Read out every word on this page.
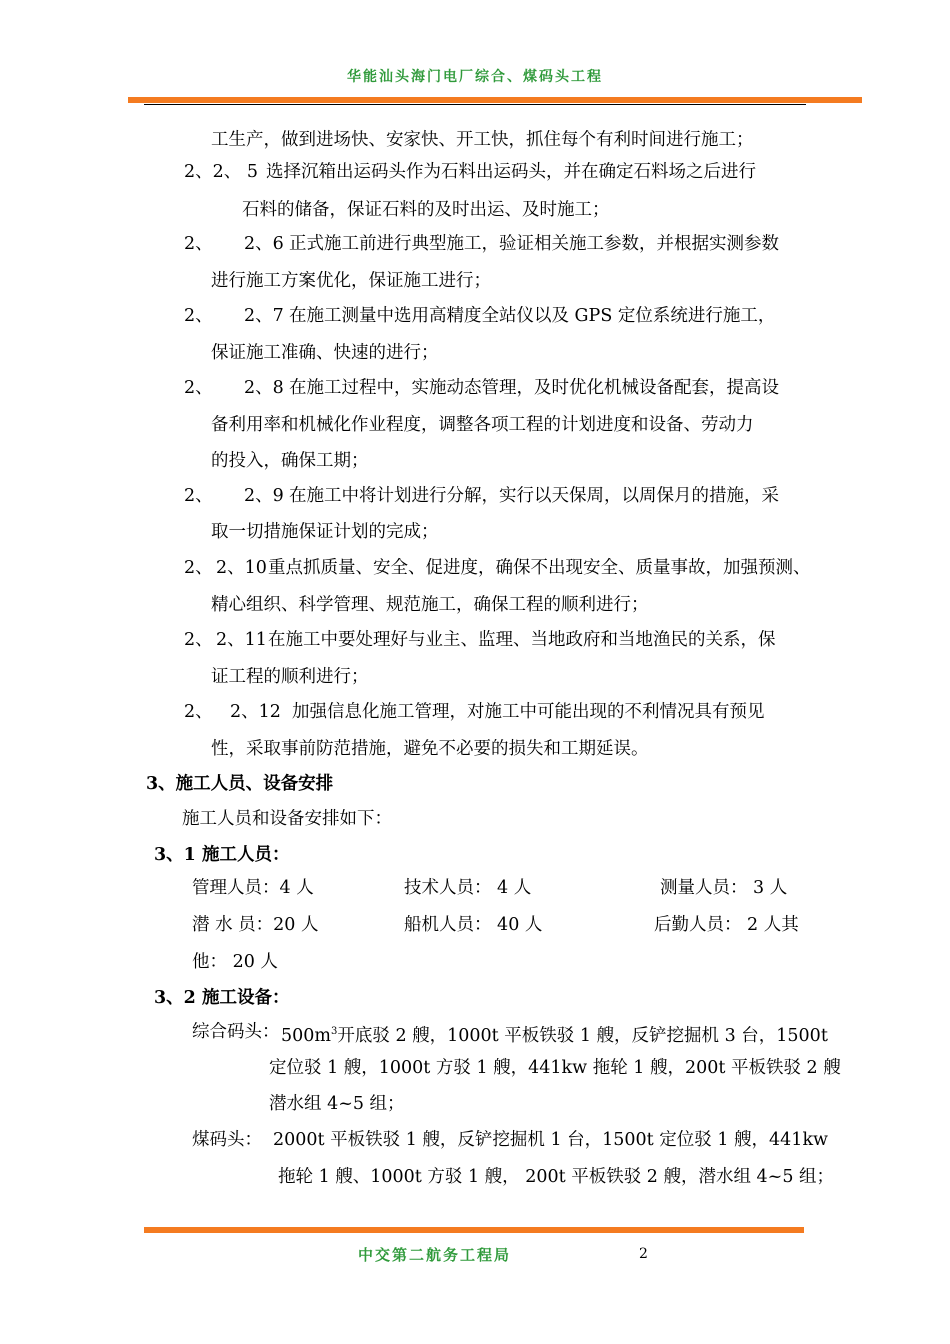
华能汕头海门电厂综合、煤码头工程
工生产，做到进场快、安家快、开工快，抓住每个有利时间进行施工；
2、2、 5 选择沉箱出运码头作为石料出运码头，并在确定石料场之后进行
石料的储备，保证石料的及时出运、及时施工；
2、 2、6 正式施工前进行典型施工，验证相关施工参数，并根据实测参数
进行施工方案优化，保证施工进行；
2、 2、7 在施工测量中选用高精度全站仪以及 GPS 定位系统进行施工，
保证施工准确、快速的进行；
2、 2、8 在施工过程中，实施动态管理，及时优化机械设备配套，提高设
备利用率和机械化作业程度，调整各项工程的计划进度和设备、劳动力
的投入，确保工期；
2、 2、9 在施工中将计划进行分解，实行以天保周，以周保月的措施，采
取一切措施保证计划的完成；
2、 2、10 重点抓质量、安全、促进度，确保不出现安全、质量事故，加强预测、
精心组织、科学管理、规范施工，确保工程的顺利进行；
2、 2、11 在施工中要处理好与业主、监理、当地政府和当地渔民的关系，保
证工程的顺利进行；
2、 2、12 加强信息化施工管理，对施工中可能出现的不利情况具有预见
性，采取事前防范措施，避免不必要的损失和工期延误。
3、施工人员、设备安排
施工人员和设备安排如下：
3、1 施工人员：
管理人员：4 人	技术人员： 4 人	测量人员： 3 人
潜 水 员：20 人	船机人员： 40 人	后勤人员： 2 人其
他： 20 人
3、2 施工设备：
综合码头： $500m^3$开底驳 2 艘，1000t 平板铁驳 1 艘，反铲挖掘机 3 台，1500t
定位驳 1 艘，1000t 方驳 1 艘，441kw 拖轮 1 艘，200t 平板铁驳 2 艘
潜水组 4~5 组；
煤码头： 2000t 平板铁驳 1 艘，反铲挖掘机 1 台，1500t 定位驳 1 艘，441kw
拖轮 1 艘、1000t 方驳 1 艘， 200t 平板铁驳 2 艘，潜水组 4~5 组；
中交第二航务工程局	2
